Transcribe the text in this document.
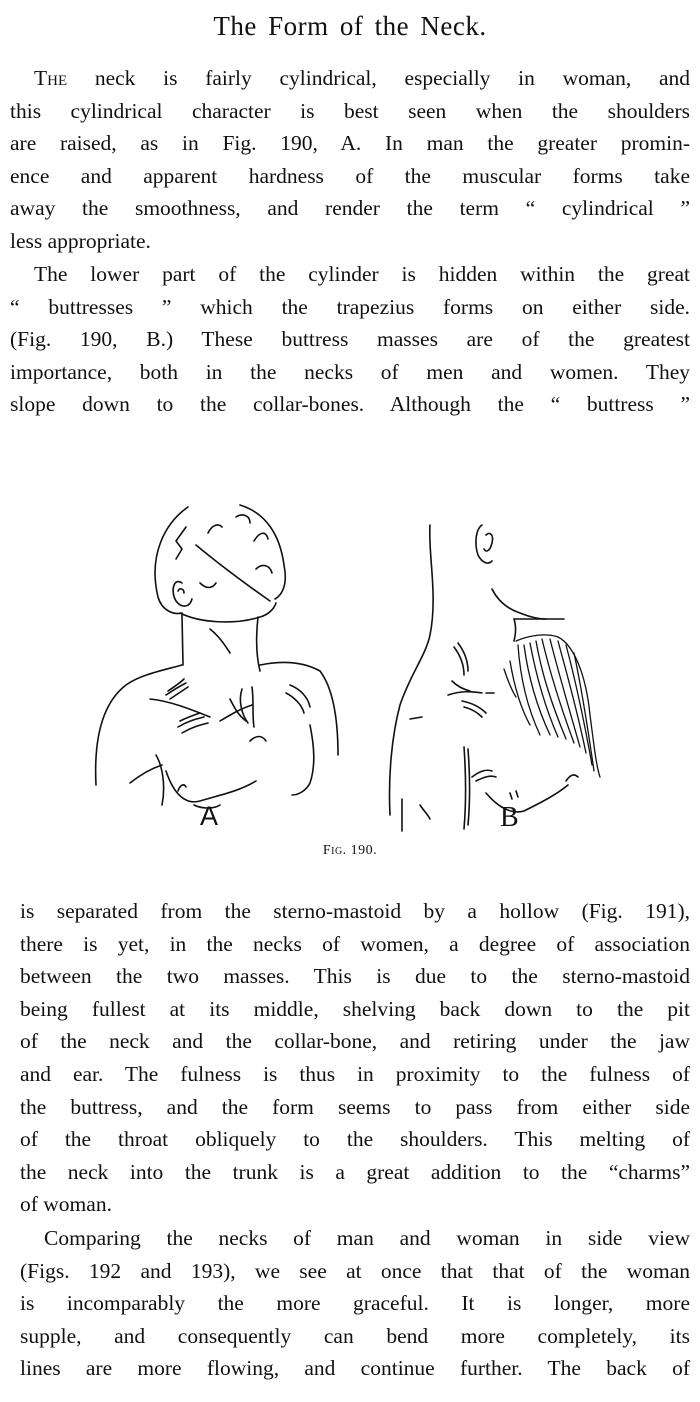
The Form of the Neck.
The neck is fairly cylindrical, especially in woman, and
this cylindrical character is best seen when the shoulders
are raised, as in Fig. 190, A. In man the greater promin-
ence and apparent hardness of the muscular forms take
away the smoothness, and render the term “ cylindrical ”
less appropriate.
The lower part of the cylinder is hidden within the great
“ buttresses ” which the trapezius forms on either side.
(Fig. 190, B.) These buttress masses are of the greatest
importance, both in the necks of men and women. They
slope down to the collar-bones. Although the “ buttress ”
A	B
Fig. 190.
is separated from the sterno-mastoid by a hollow (Fig. 191),
there is yet, in the necks of women, a degree of association
between the two masses. This is due to the sterno-mastoid
being fullest at its middle, shelving back down to the pit
of the neck and the collar-bone, and retiring under the jaw
and ear. The fulness is thus in proximity to the fulness of
the buttress, and the form seems to pass from either side
of the throat obliquely to the shoulders. This melting of
the neck into the trunk is a great addition to the “charms”
of woman.
Comparing the necks of man and woman in side view
(Figs. 192 and 193), we see at once that that of the woman
is incomparably the more graceful. It is longer, more
supple, and consequently can bend more completely, its
lines are more flowing, and continue further. The back of
